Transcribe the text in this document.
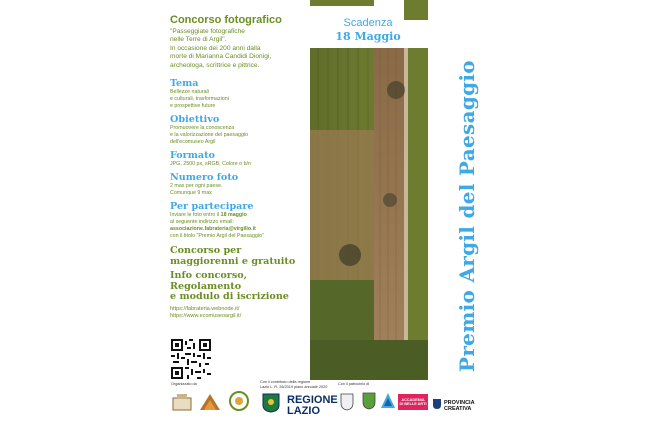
Concorso fotografico

"Passeggiate fotografiche
nelle Terre di Argil".
In occasione dei 200 anni dalla
morte di Marianna Candidi Dionigi,
archeologa, scrittrice e pittrice.

Tema

Bellezze naturali
e culturali, trasformazioni
e prospettive future

Obiettivo

Promuovere la conoscenza
e la valorizzazione del paesaggio
dell'ecomuseo Argil

Formato

JPG, 2500 px, sRGB, Colore o b/n

Numero foto

2 max per ogni paese.
Comunque 9 max

Per partecipare

Inviare le foto entro il 18 maggio

al seguente indirizzo email:

associazione.fabrateria@virgilio.it

con il titolo "Premio Argil del Paesaggio"

Concorso per
maggiorenni e gratuito

Info concorso,
Regolamento
e modulo di iscrizione

https://fabrateria.webnode.it/
https://www.ecomuseoargil.it/

Scadenza
18 Maggio
Premio Argil del Paesaggio
Organizzato da	Con il contributo della regione
Lazio L. R. 26/2019 piano annuale 2020
Con il patrocinio di
REGIONE
LAZIO
ACCADEMIA
DI BELLE ARTI	PROVINCIA
CREATIVA
